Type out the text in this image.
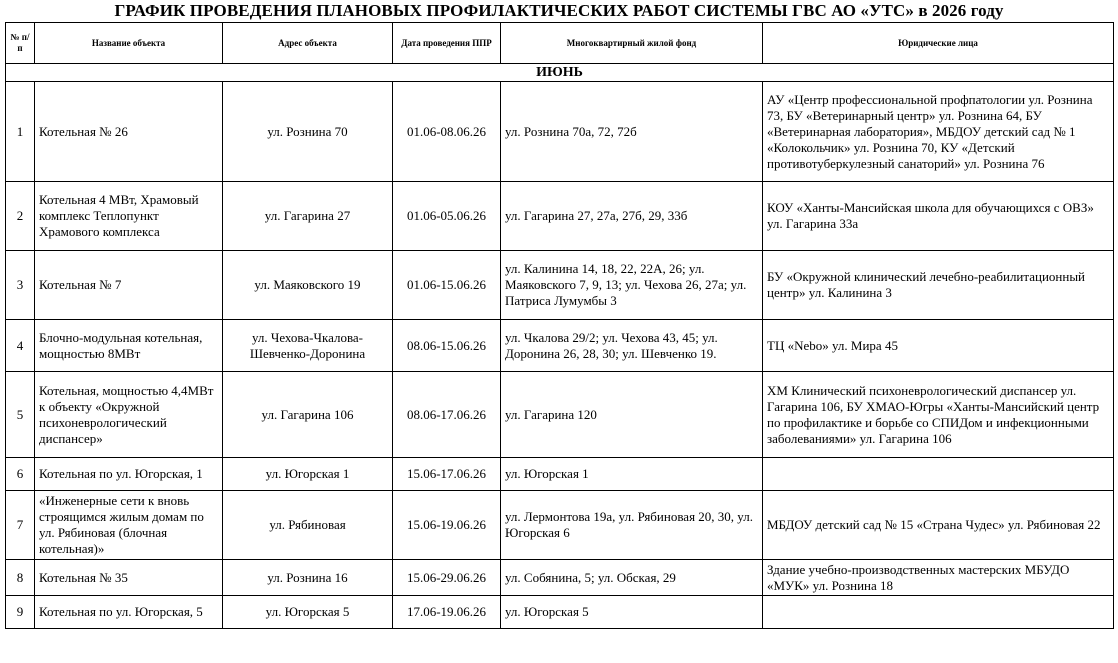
ГРАФИК ПРОВЕДЕНИЯ ПЛАНОВЫХ ПРОФИЛАКТИЧЕСКИХ РАБОТ СИСТЕМЫ ГВС АО «УТС» в 2026 году
№ п/п	Название объекта	Адрес объекта	Дата проведения ППР	Многоквартирный жилой фонд	Юридические лица
ИЮНЬ					
1	Котельная № 26	ул. Рознина 70	01.06-08.06.26	ул. Рознина 70а, 72, 72б	АУ «Центр профессиональной профпатологии ул. Рознина 73, БУ «Ветеринарный центр» ул. Рознина 64, БУ «Ветеринарная лаборатория», МБДОУ детский сад № 1 «Колокольчик» ул. Рознина 70, КУ «Детский противотуберкулезный санаторий» ул. Рознина 76
2	Котельная 4 МВт, Храмовый комплекс Теплопункт Храмового комплекса	ул. Гагарина 27	01.06-05.06.26	ул. Гагарина 27, 27а, 27б, 29, 33б	КОУ «Ханты-Мансийская школа для обучающихся с ОВЗ» ул. Гагарина 33а
3	Котельная № 7	ул. Маяковского 19	01.06-15.06.26	ул. Калинина 14, 18, 22, 22А, 26; ул. Маяковского 7, 9, 13; ул. Чехова 26, 27а; ул. Патриса Лумумбы 3	БУ «Окружной клинический лечебно-реабилитационный центр» ул. Калинина 3
4	Блочно-модульная котельная, мощностью 8МВт	ул. Чехова-Чкалова-Шевченко-Доронина	08.06-15.06.26	ул. Чкалова 29/2; ул. Чехова 43, 45; ул. Доронина 26, 28, 30; ул. Шевченко 19.	ТЦ «Nebo» ул. Мира 45
5	Котельная, мощностью 4,4МВт к объекту «Окружной психоневрологический диспансер»	ул. Гагарина 106	08.06-17.06.26	ул. Гагарина 120	ХМ Клинический психоневрологический диспансер ул. Гагарина 106, БУ ХМАО-Югры «Ханты-Мансийский центр по профилактике и борьбе со СПИДом и инфекционными заболеваниями» ул. Гагарина 106
6	Котельная по ул. Югорская, 1	ул. Югорская 1	15.06-17.06.26	ул. Югорская 1	
7	«Инженерные сети к вновь строящимся жилым домам по ул. Рябиновая (блочная котельная)»	ул. Рябиновая	15.06-19.06.26	ул. Лермонтова 19а, ул. Рябиновая 20, 30, ул. Югорская 6	МБДОУ детский сад № 15 «Страна Чудес» ул. Рябиновая 22
8	Котельная № 35	ул. Рознина 16	15.06-29.06.26	ул. Собянина, 5; ул. Обская, 29	Здание учебно-производственных мастерских МБУДО «МУК» ул. Рознина 18
9	Котельная по ул. Югорская, 5	ул. Югорская 5	17.06-19.06.26	ул. Югорская 5	
